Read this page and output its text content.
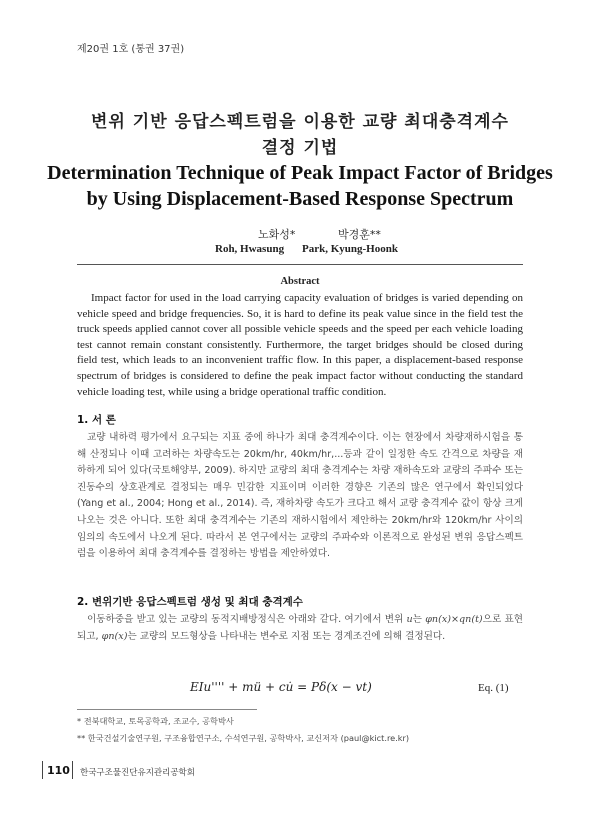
제20권 1호 (통권 37권)
변위 기반 응답스펙트럼을 이용한 교량 최대충격계수
결정 기법
Determination Technique of Peak Impact Factor of Bridges
by Using Displacement-Based Response Spectrum
노화성*	박경훈**
Roh, Hwasung Park, Kyung-Hoonk
Abstract
Impact factor for used in the load carrying capacity evaluation of bridges is varied depending on vehicle speed and bridge frequencies. So, it is hard to define its peak value since in the field test the truck speeds applied cannot cover all possible vehicle speeds and the speed per each vehicle loading test cannot remain constant consistently. Furthermore, the target bridges should be closed during field test, which leads to an inconvenient traffic flow. In this paper, a displacement-based response spectrum of bridges is considered to define the peak impact factor without conducting the standard vehicle loading test, while using a bridge operational traffic condition.
1. 서 론
교량 내하력 평가에서 요구되는 지표 중에 하나가 최대 충격계수이다. 이는 현장에서 차량재하시험을 통해 산정되나 이때 고려하는 차량속도는 20km/hr, 40km/hr,...등과 같이 일정한 속도 간격으로 차량을 재하하게 되어 있다(국토해양부, 2009). 하지만 교량의 최대 충격계수는 차량 재하속도와 교량의 주파수 또는 진동수의 상호관계로 결정되는 매우 민감한 지표이며 이러한 경향은 기존의 많은 연구에서 확인되었다(Yang et al., 2004; Hong et al., 2014). 즉, 재하차량 속도가 크다고 해서 교량 충격계수 값이 항상 크게 나오는 것은 아니다. 또한 최대 충격계수는 기존의 재하시험에서 제안하는 20km/hr와 120km/hr 사이의 임의의 속도에서 나오게 된다. 따라서 본 연구에서는 교량의 주파수와 이론적으로 완성된 변위 응답스펙트럼을 이용하여 최대 충격계수를 결정하는 방법을 제안하였다.
2. 변위기반 응답스펙트럼 생성 및 최대 충격계수
이동하중을 받고 있는 교량의 동적지배방정식은 아래와 같다. 여기에서 변위 u는 φn(x)×qn(t)으로 표현 되고, φn(x)는 교량의 모드형상을 나타내는 변수로 지점 또는 경계조건에 의해 결정된다.
EIu'''' + mü + cu̇ = Pδ(x − vt)	Eq. (1)
* 전북대학교, 토목공학과, 조교수, 공학박사
** 한국건설기술연구원, 구조융합연구소, 수석연구원, 공학박사, 교신저자 (paul@kict.re.kr)
110 한국구조물진단유지관리공학회
